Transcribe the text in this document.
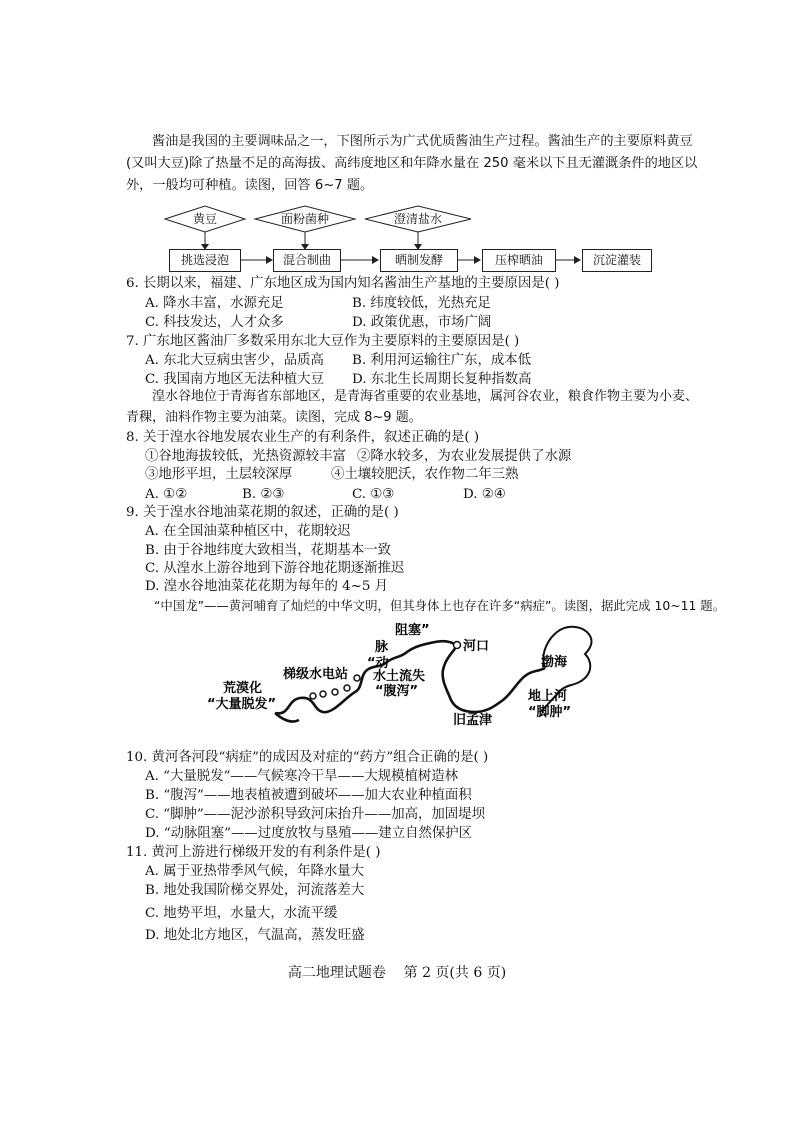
酱油是我国的主要调味品之一，下图所示为广式优质酱油生产过程。酱油生产的主要原料黄豆(又叫大豆)除了热量不足的高海拔、高纬度地区和年降水量在 250 毫米以下且无灌溉条件的地区以外，一般均可种植。读图，回答 6~7 题。
黄豆	面粉菌种	澄清盐水
挑选浸泡	混合制曲	晒制发酵	压榨晒油	沉淀灌装
6. 长期以来，福建、广东地区成为国内知名酱油生产基地的主要原因是( )
A. 降水丰富，水源充足	B. 纬度较低，光热充足
C. 科技发达，人才众多	D. 政策优惠，市场广阔
7. 广东地区酱油厂多数采用东北大豆作为主要原料的主要原因是( )
A. 东北大豆病虫害少，品质高 B. 利用河运输往广东，成本低
C. 我国南方地区无法种植大豆 D. 东北生长周期长复种指数高
湟水谷地位于青海省东部地区，是青海省重要的农业基地，属河谷农业，粮食作物主要为小麦、青稞，油料作物主要为油菜。读图，完成 8~9 题。
8. 关于湟水谷地发展农业生产的有利条件，叙述正确的是( )
①谷地海拔较低，光热资源较丰富 ②降水较多，为农业发展提供了水源
③地形平坦，土层较深厚	④土壤较肥沃，农作物二年三熟
A. ①②	B. ②③	C. ①③	D. ②④
9. 关于湟水谷地油菜花期的叙述，正确的是( )
A. 在全国油菜种植区中，花期较迟
B. 由于谷地纬度大致相当，花期基本一致
C. 从湟水上游谷地到下游谷地花期逐渐推迟
D. 湟水谷地油菜花花期为每年的 4~5 月
“中国龙”——黄河哺育了灿烂的中华文明，但其身体上也存在许多“病症”。读图，据此完成 10~11 题。
荒漠化
“大量脱发”
梯级水电站 水土流失
“腹泻”
脉
“动
阻塞”
河口
渤海
地上河
“脚肿”
旧孟津
10. 黄河各河段“病症”的成因及对症的“药方”组合正确的是( )
A. “大量脱发”——气候寒冷干旱——大规模植树造林
B. “腹泻”——地表植被遭到破坏——加大农业种植面积
C. “脚肿”——泥沙淤积导致河床抬升——加高，加固堤坝
D. “动脉阻塞”——过度放牧与垦殖——建立自然保护区
11. 黄河上游进行梯级开发的有利条件是( )
A. 属于亚热带季风气候，年降水量大
B. 地处我国阶梯交界处，河流落差大
C. 地势平坦，水量大，水流平缓
D. 地处北方地区，气温高，蒸发旺盛
高二地理试题卷    第 2 页(共 6 页)
